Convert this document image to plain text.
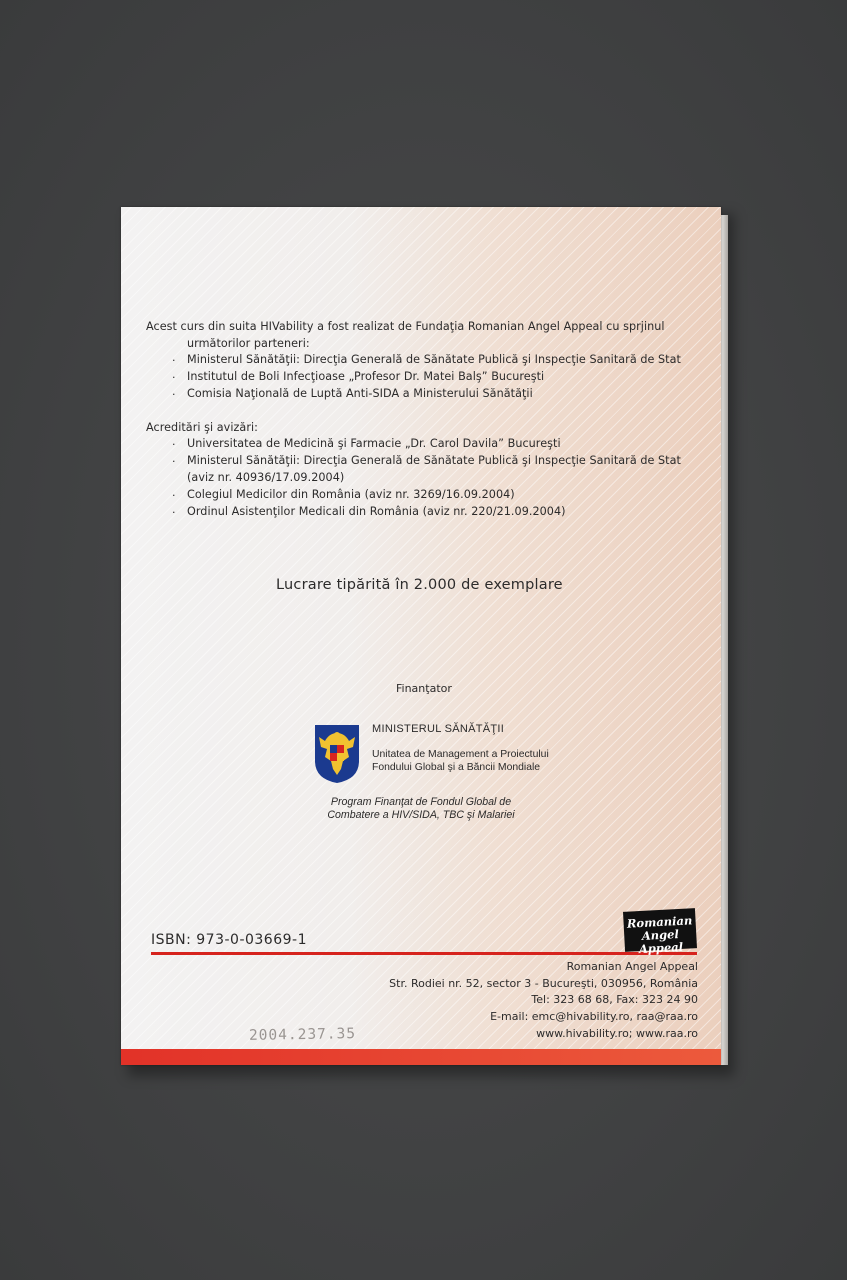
Acest curs din suita HIVability a fost realizat de Fundaţia Romanian Angel Appeal cu sprjinul
următorilor parteneri:
· Ministerul Sănătăţii: Direcţia Generală de Sănătate Publică şi Inspecţie Sanitară de Stat
· Institutul de Boli Infecţioase „Profesor Dr. Matei Balş” Bucureşti
· Comisia Naţională de Luptă Anti-SIDA a Ministerului Sănătăţii
Acreditări şi avizări:
· Universitatea de Medicină şi Farmacie „Dr. Carol Davila” Bucureşti
· Ministerul Sănătăţii: Direcţia Generală de Sănătate Publică şi Inspecţie Sanitară de Stat
(aviz nr. 40936/17.09.2004)
· Colegiul Medicilor din România (aviz nr. 3269/16.09.2004)
· Ordinul Asistenţilor Medicali din România (aviz nr. 220/21.09.2004)
Lucrare tipărită în 2.000 de exemplare
Finanţator
MINISTERUL SĂNĂTĂŢII
Unitatea de Management a Proiectului Fondului Global şi a Băncii Mondiale
Program Finanţat de Fondul Global de Combatere a HIV/SIDA, TBC şi Malariei
ISBN: 973-0-03669-1
Romanian
Angel Appeal
Romanian Angel Appeal
Str. Rodiei nr. 52, sector 3 - Bucureşti, 030956, România
Tel: 323 68 68, Fax: 323 24 90
E-mail: emc@hivability.ro, raa@raa.ro
www.hivability.ro; www.raa.ro
2004.237.35
